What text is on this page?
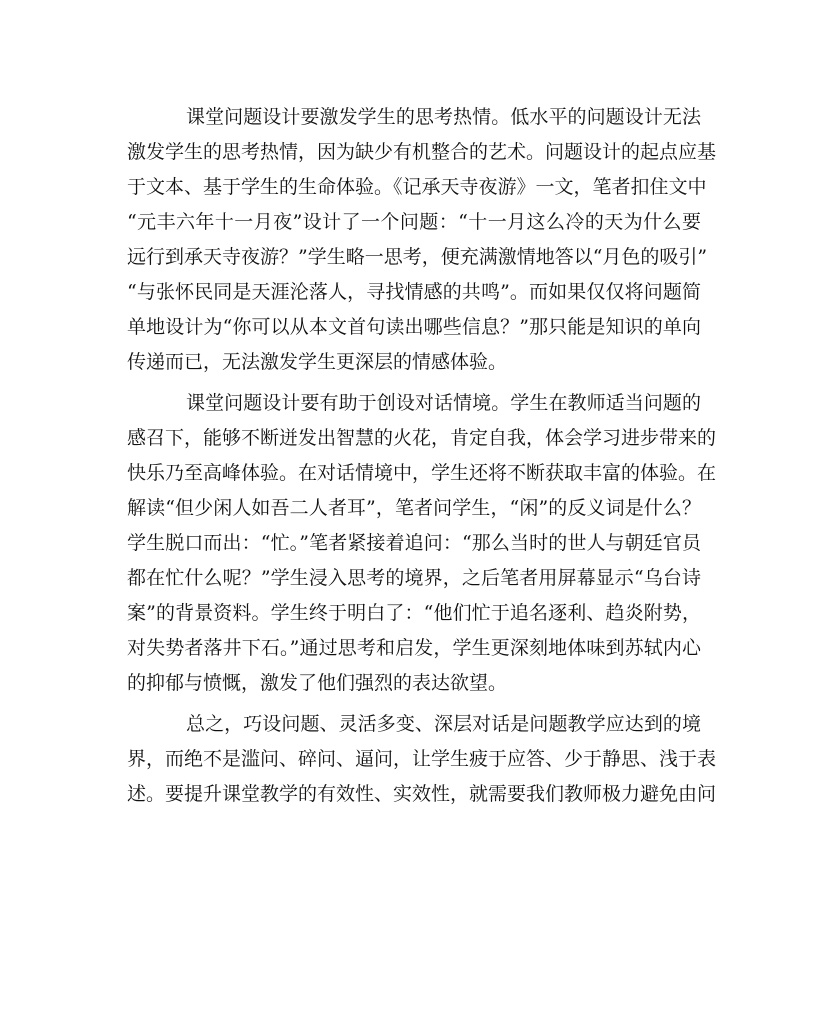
课堂问题设计要激发学生的思考热情。低水平的问题设计无法
激发学生的思考热情，因为缺少有机整合的艺术。问题设计的起点应基
于文本、基于学生的生命体验。《记承天寺夜游》一文，笔者扣住文中
“元丰六年十一月夜”设计了一个问题：“十一月这么冷的天为什么要
远行到承天寺夜游？”学生略一思考，便充满激情地答以“月色的吸引”
“与张怀民同是天涯沦落人，寻找情感的共鸣”。而如果仅仅将问题简
单地设计为“你可以从本文首句读出哪些信息？”那只能是知识的单向
传递而已，无法激发学生更深层的情感体验。
课堂问题设计要有助于创设对话情境。学生在教师适当问题的
感召下，能够不断迸发出智慧的火花，肯定自我，体会学习进步带来的
快乐乃至高峰体验。在对话情境中，学生还将不断获取丰富的体验。在
解读“但少闲人如吾二人者耳”，笔者问学生，“闲”的反义词是什么？
学生脱口而出：“忙。”笔者紧接着追问：“那么当时的世人与朝廷官员
都在忙什么呢？”学生浸入思考的境界，之后笔者用屏幕显示“乌台诗
案”的背景资料。学生终于明白了：“他们忙于追名逐利、趋炎附势，
对失势者落井下石。”通过思考和启发，学生更深刻地体味到苏轼内心
的抑郁与愤慨，激发了他们强烈的表达欲望。
总之，巧设问题、灵活多变、深层对话是问题教学应达到的境
界，而绝不是滥问、碎问、逼问，让学生疲于应答、少于静思、浅于表
述。要提升课堂教学的有效性、实效性，就需要我们教师极力避免由问
